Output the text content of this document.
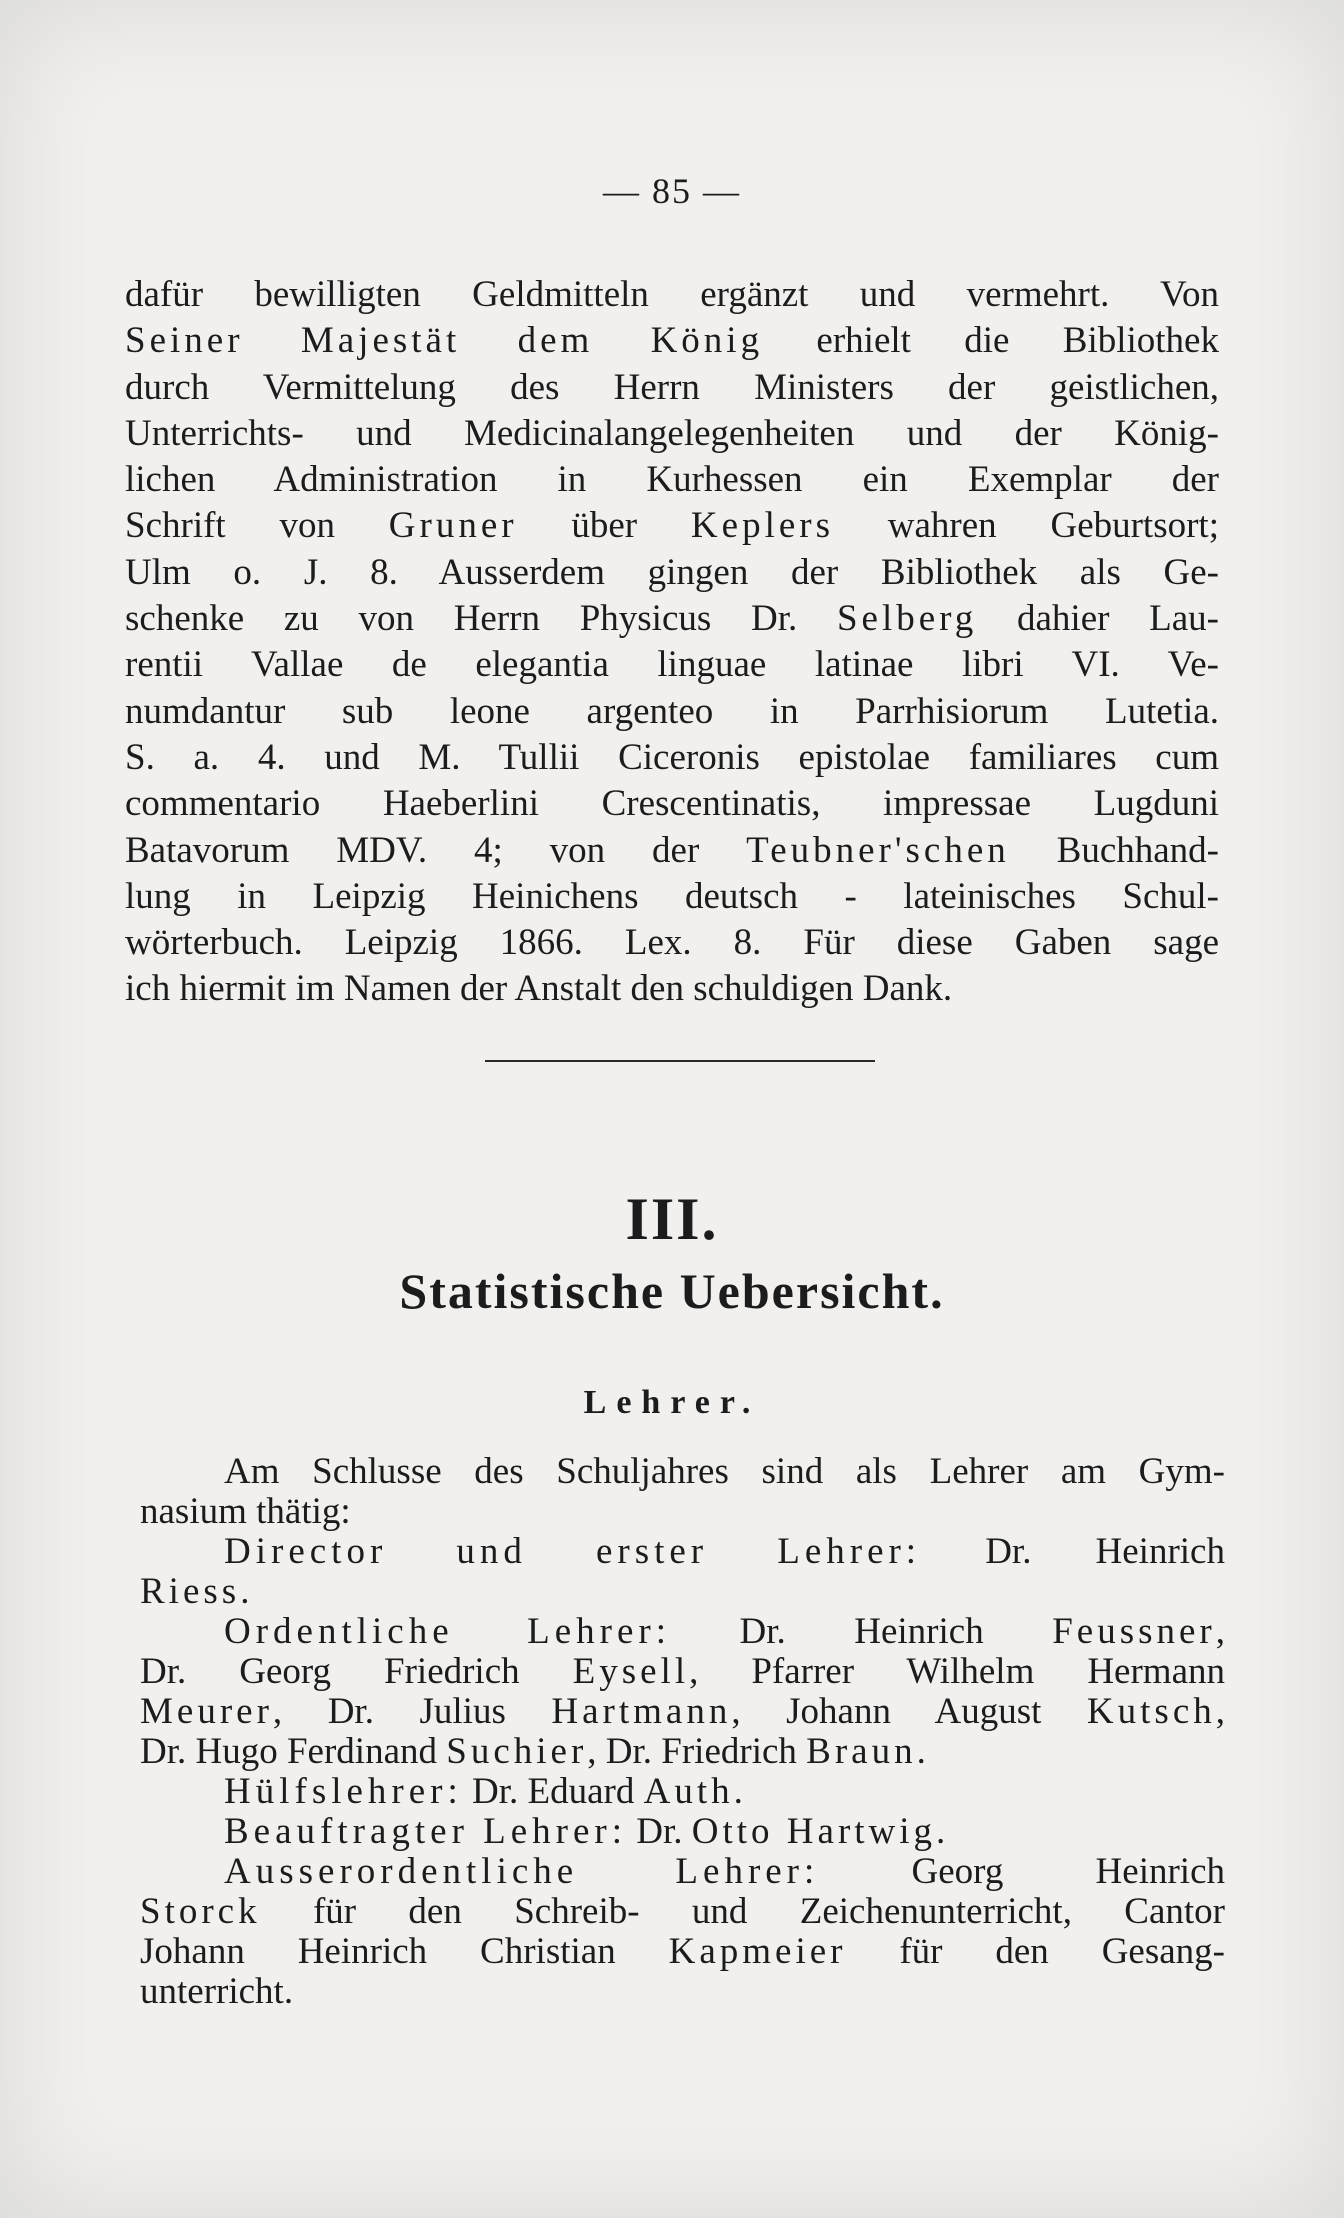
— 85 —
dafür bewilligten Geldmitteln ergänzt und vermehrt. Von
Seiner Majestät dem König erhielt die Bibliothek
durch Vermittelung des Herrn Ministers der geistlichen,
Unterrichts- und Medicinalangelegenheiten und der König-
lichen Administration in Kurhessen ein Exemplar der
Schrift von Gruner über Keplers wahren Geburtsort;
Ulm o. J. 8. Ausserdem gingen der Bibliothek als Ge-
schenke zu von Herrn Physicus Dr. Selberg dahier Lau-
rentii Vallae de elegantia linguae latinae libri VI. Ve-
numdantur sub leone argenteo in Parrhisiorum Lutetia.
S. a. 4. und M. Tullii Ciceronis epistolae familiares cum
commentario Haeberlini Crescentinatis, impressae Lugduni
Batavorum MDV. 4; von der Teubner'schen Buchhand-
lung in Leipzig Heinichens deutsch - lateinisches Schul-
wörterbuch. Leipzig 1866. Lex. 8. Für diese Gaben sage
ich hiermit im Namen der Anstalt den schuldigen Dank.
III.
Statistische Uebersicht.
Lehrer.
Am Schlusse des Schuljahres sind als Lehrer am Gym-
nasium thätig:
Director und erster Lehrer: Dr. Heinrich
Riess.
Ordentliche Lehrer: Dr. Heinrich Feussner,
Dr. Georg Friedrich Eysell, Pfarrer Wilhelm Hermann
Meurer, Dr. Julius Hartmann, Johann August Kutsch,
Dr. Hugo Ferdinand Suchier, Dr. Friedrich Braun.
Hülfslehrer: Dr. Eduard Auth.
Beauftragter Lehrer: Dr. Otto Hartwig.
Ausserordentliche Lehrer: Georg Heinrich
Storck für den Schreib- und Zeichenunterricht, Cantor
Johann Heinrich Christian Kapmeier für den Gesang-
unterricht.
